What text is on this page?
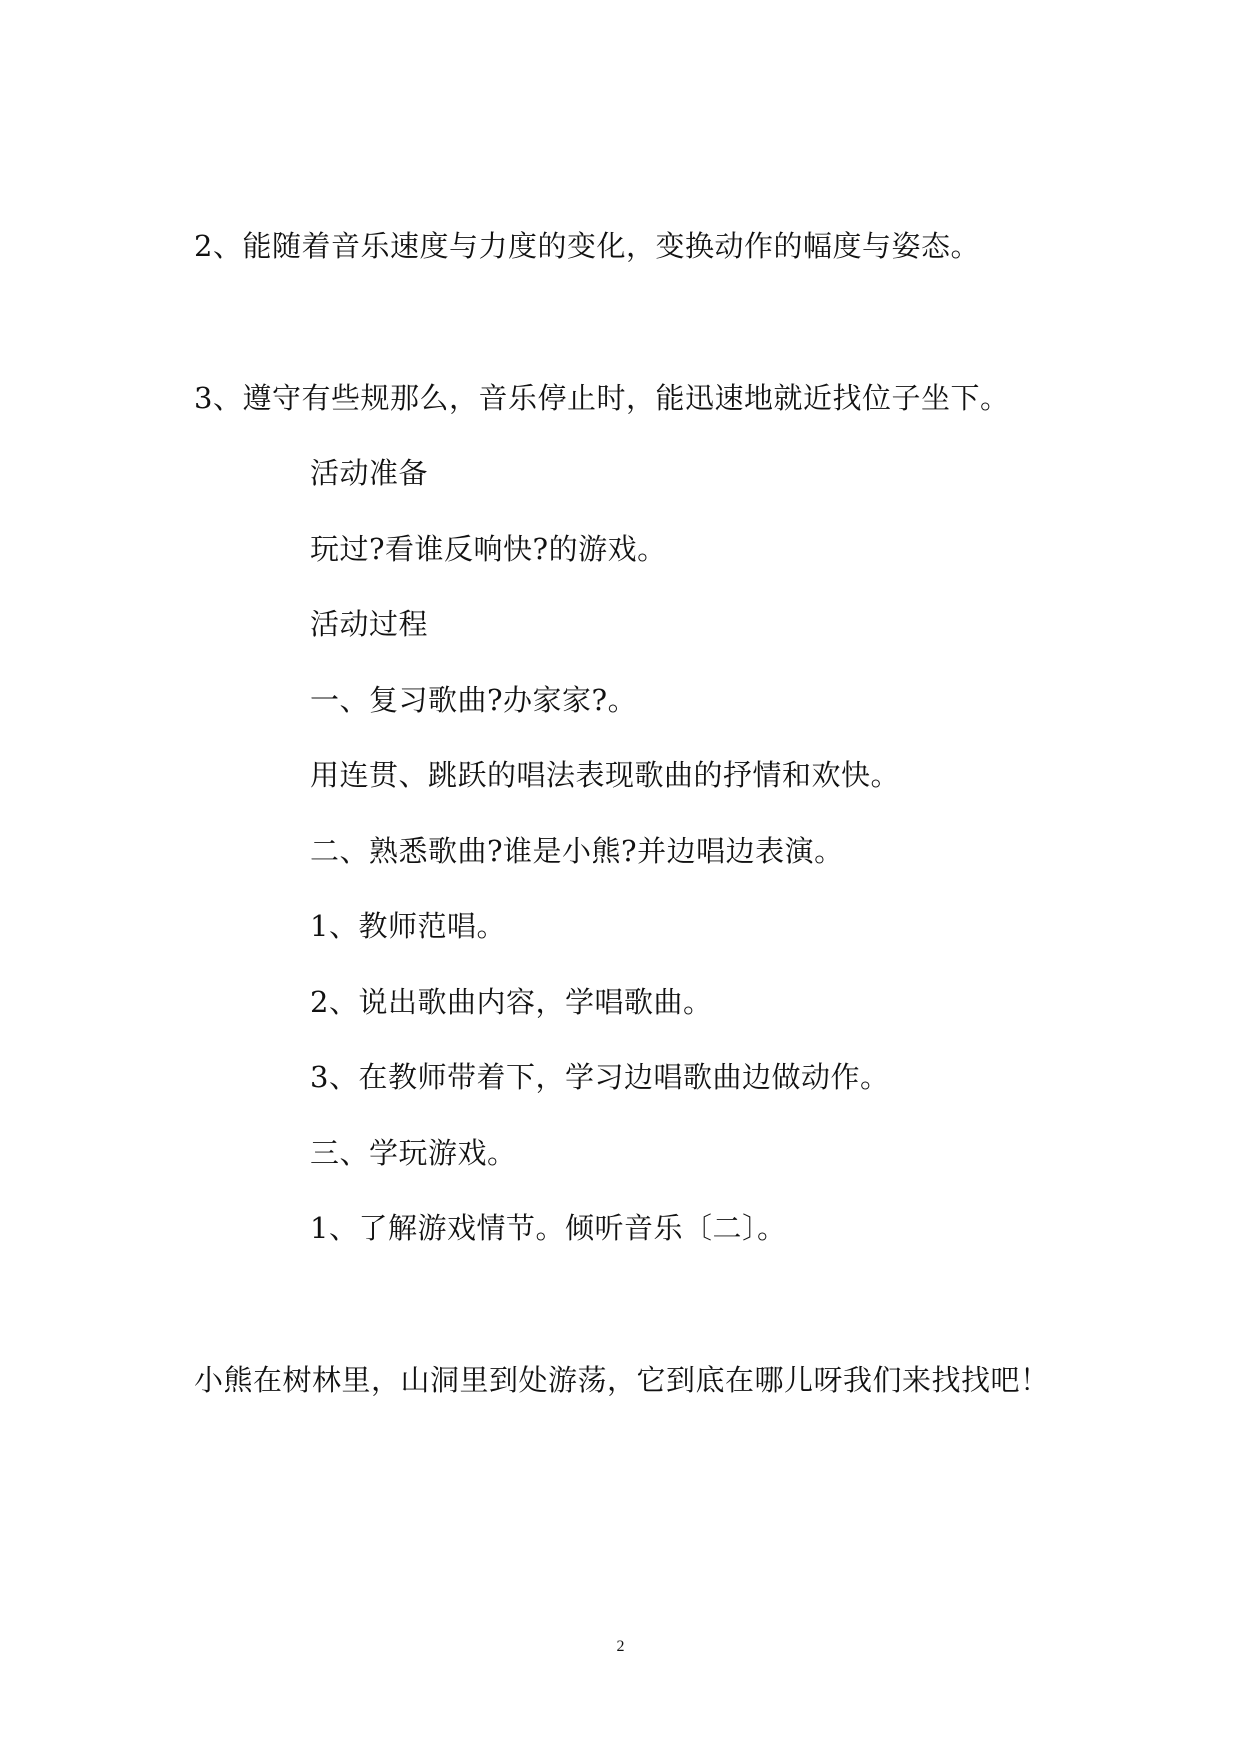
2、能随着音乐速度与力度的变化，变换动作的幅度与姿态。

3、遵守有些规那么，音乐停止时，能迅速地就近找位子坐下。

活动准备

玩过?看谁反响快?的游戏。

活动过程

一、复习歌曲?办家家?。

用连贯、跳跃的唱法表现歌曲的抒情和欢快。

二、熟悉歌曲?谁是小熊?并边唱边表演。

1、教师范唱。

2、说出歌曲内容，学唱歌曲。

3、在教师带着下，学习边唱歌曲边做动作。

三、学玩游戏。

1、了解游戏情节。倾听音乐〔二〕。

小熊在树林里，山洞里到处游荡，它到底在哪儿呀我们来找找吧！

2
